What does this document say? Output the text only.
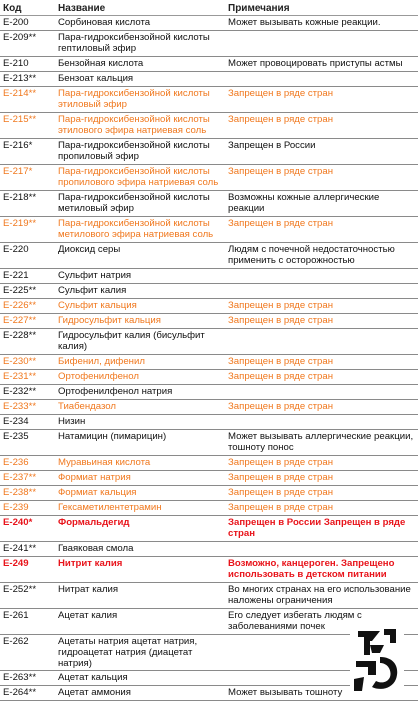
Код	Название	Примечания
E-200	Сорбиновая кислота	Может вызывать кожные реакции.
E-209**	Пара-гидроксибензойной кислоты гептиловый эфир	
E-210	Бензойная кислота	Может провоцировать приступы астмы
E-213**	Бензоат кальция	
E-214**	Пара-гидроксибензойной кислоты этиловый эфир	Запрещен в ряде стран
E-215**	Пара-гидроксибензойной кислоты этилового эфира натриевая соль	Запрещен в ряде стран
E-216*	Пара-гидроксибензойной кислоты пропиловый эфир	Запрещен в России
E-217*	Пара-гидроксибензойной кислоты пропилового эфира натриевая соль	Запрещен в ряде стран
E-218**	Пара-гидроксибензойной кислоты метиловый эфир	Возможны кожные аллергические реакции
E-219**	Пара-гидроксибензойной кислоты метилового эфира натриевая соль	Запрещен в ряде стран
E-220	Диоксид серы	Людям с почечной недостаточностью применить с осторожностью
E-221	Сульфит натрия	
E-225**	Сульфит калия	
E-226**	Сульфит кальция	Запрещен в ряде стран
E-227**	Гидросульфит кальция	Запрещен в ряде стран
E-228**	Гидросульфит калия (бисульфит калия)	
E-230**	Бифенил, дифенил	Запрещен в ряде стран
E-231**	Ортофенилфенол	Запрещен в ряде стран
E-232**	Ортофенилфенол натрия	
E-233**	Тиабендазол	Запрещен в ряде стран
E-234	Низин	
E-235	Натамицин (пимарицин)	Может вызывать аллергические реакции, тошноту понос
E-236	Муравьиная кислота	Запрещен в ряде стран
E-237**	Формиат натрия	Запрещен в ряде стран
E-238**	Формиат кальция	Запрещен в ряде стран
E-239	Гексаметилентетрамин	Запрещен в ряде стран
E-240*	Формальдегид	Запрещен в России Запрещен в ряде стран
E-241**	Гваяковая смола	
E-249	Нитрит калия	Возможно, канцероген. Запрещено использовать в детском питании
E-252**	Нитрат калия	Во многих странах на его использование наложены ограничения
E-261	Ацетат калия	Его следует избегать людям с заболеваниями почек
E-262	Ацетаты натрия ацетат натрия, гидроацетат натрия (диацетат натрия)	
E-263**	Ацетат кальция	
E-264**	Ацетат аммония	Может вызывать тошноту
